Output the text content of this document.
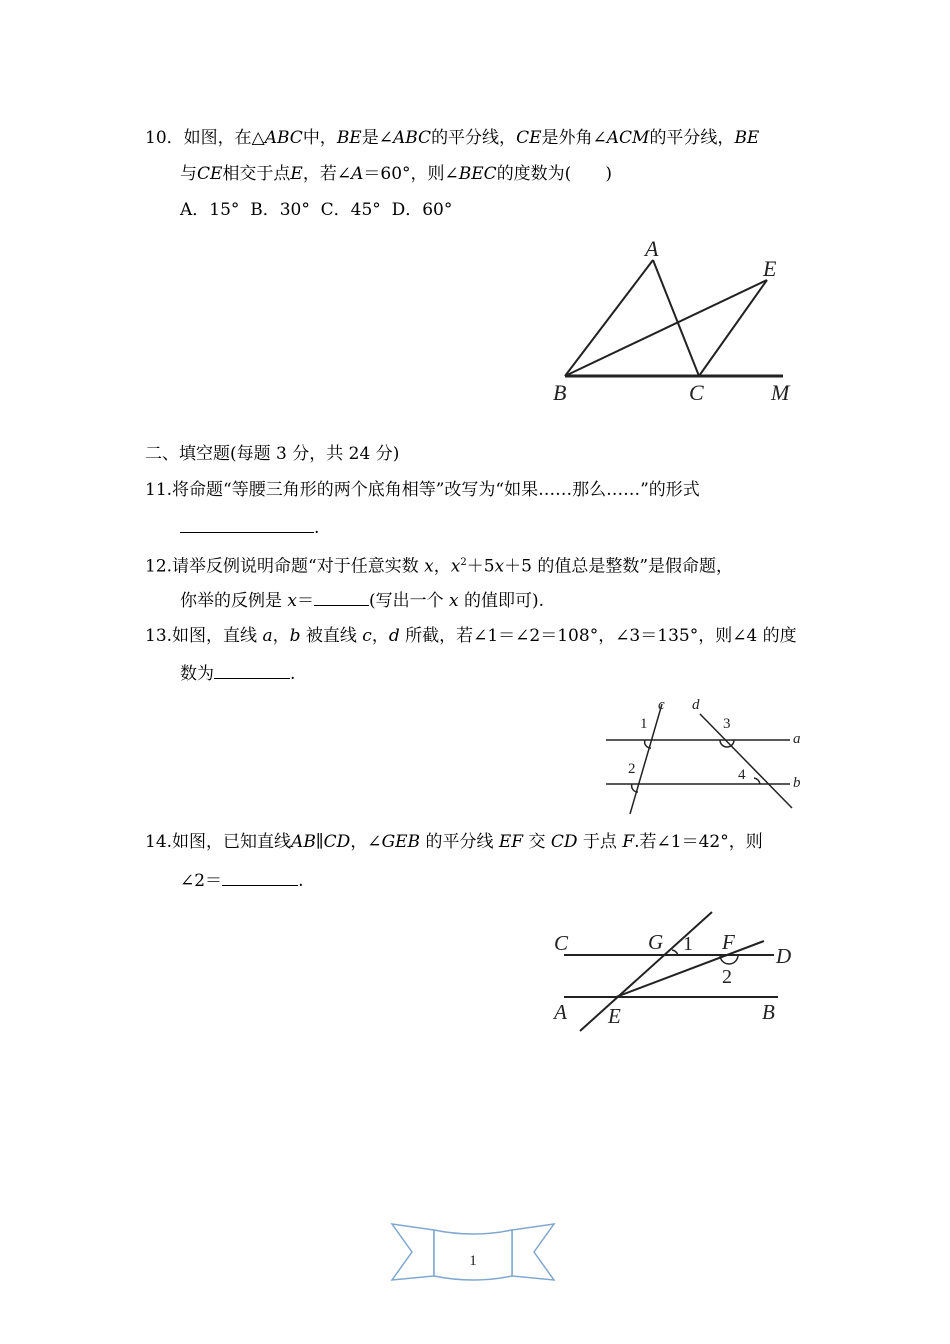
10．如图，在△ABC中，BE是∠ABC的平分线，CE是外角∠ACM的平分线，BE
与CE相交于点E，若∠A＝60°，则∠BEC的度数为(　　)
A．15°  B．30°  C．45°  D．60°
A
E
B	C	M
二、填空题(每题 3 分，共 24 分)
11.将命题“等腰三角形的两个底角相等”改写为“如果……那么……”的形式
.
12.请举反例说明命题“对于任意实数 x，$x^2+5x+5$ 的值总是整数”是假命题，
你举的反例是 x＝	(写出一个 x 的值即可).
13.如图，直线 a，b 被直线 c，d 所截，若∠1＝∠2＝108°，∠3＝135°，则∠4 的度
数为	.
c d
a
b
1
2
3
4
14.如图，已知直线AB∥CD，∠GEB 的平分线 EF 交 CD 于点 F.若∠1＝42°，则
∠2＝	.
C	G	F
D
A E	B
1
2
1
